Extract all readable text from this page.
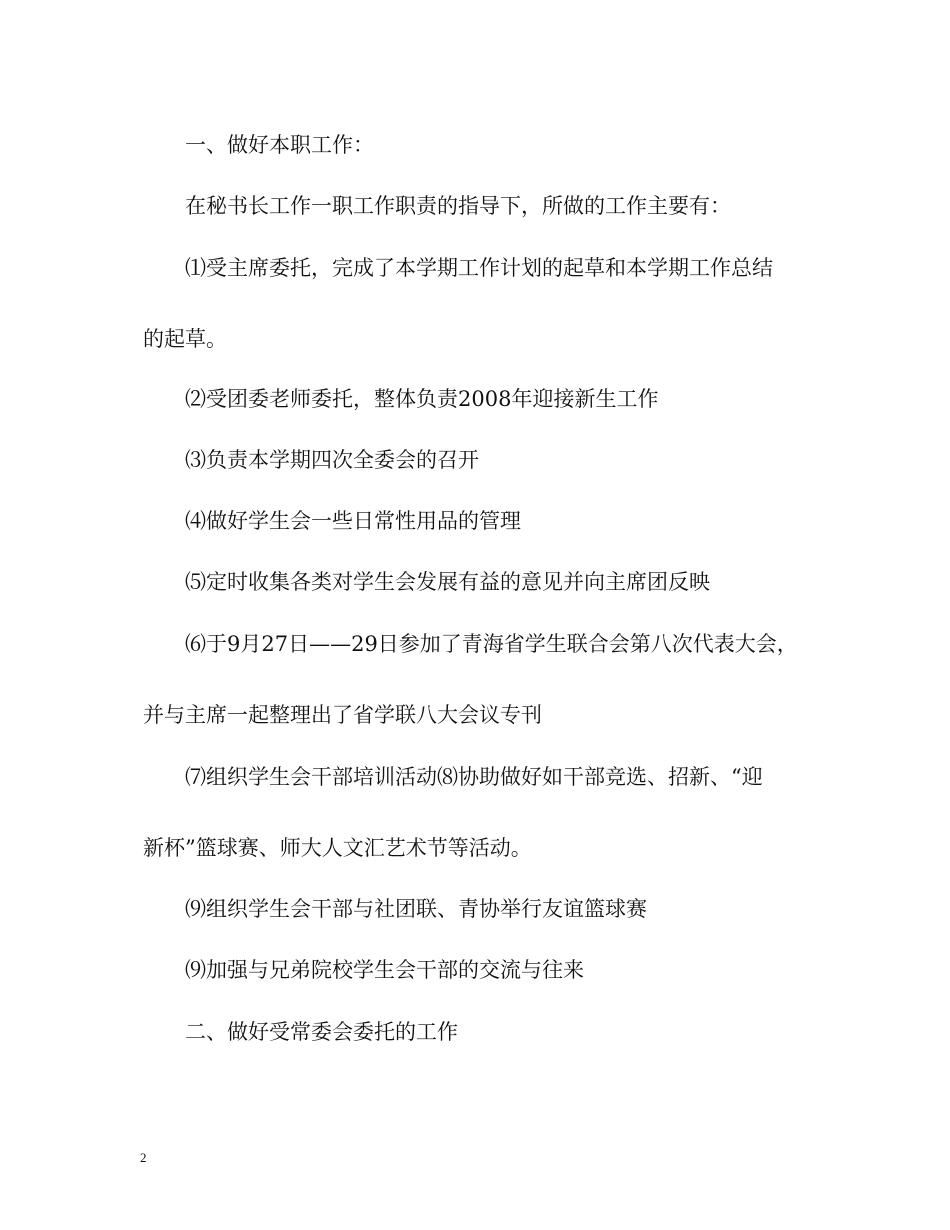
一、做好本职工作：

在秘书长工作一职工作职责的指导下，所做的工作主要有：

⑴受主席委托，完成了本学期工作计划的起草和本学期工作总结

的起草。

⑵受团委老师委托，整体负责2008年迎接新生工作

⑶负责本学期四次全委会的召开

⑷做好学生会一些日常性用品的管理

⑸定时收集各类对学生会发展有益的意见并向主席团反映

⑹于9月27日——29日参加了青海省学生联合会第八次代表大会，

并与主席一起整理出了省学联八大会议专刊

⑺组织学生会干部培训活动⑻协助做好如干部竞选、招新、“迎

新杯”篮球赛、师大人文汇艺术节等活动。

⑼组织学生会干部与社团联、青协举行友谊篮球赛

⑼加强与兄弟院校学生会干部的交流与往来

二、做好受常委会委托的工作

2
